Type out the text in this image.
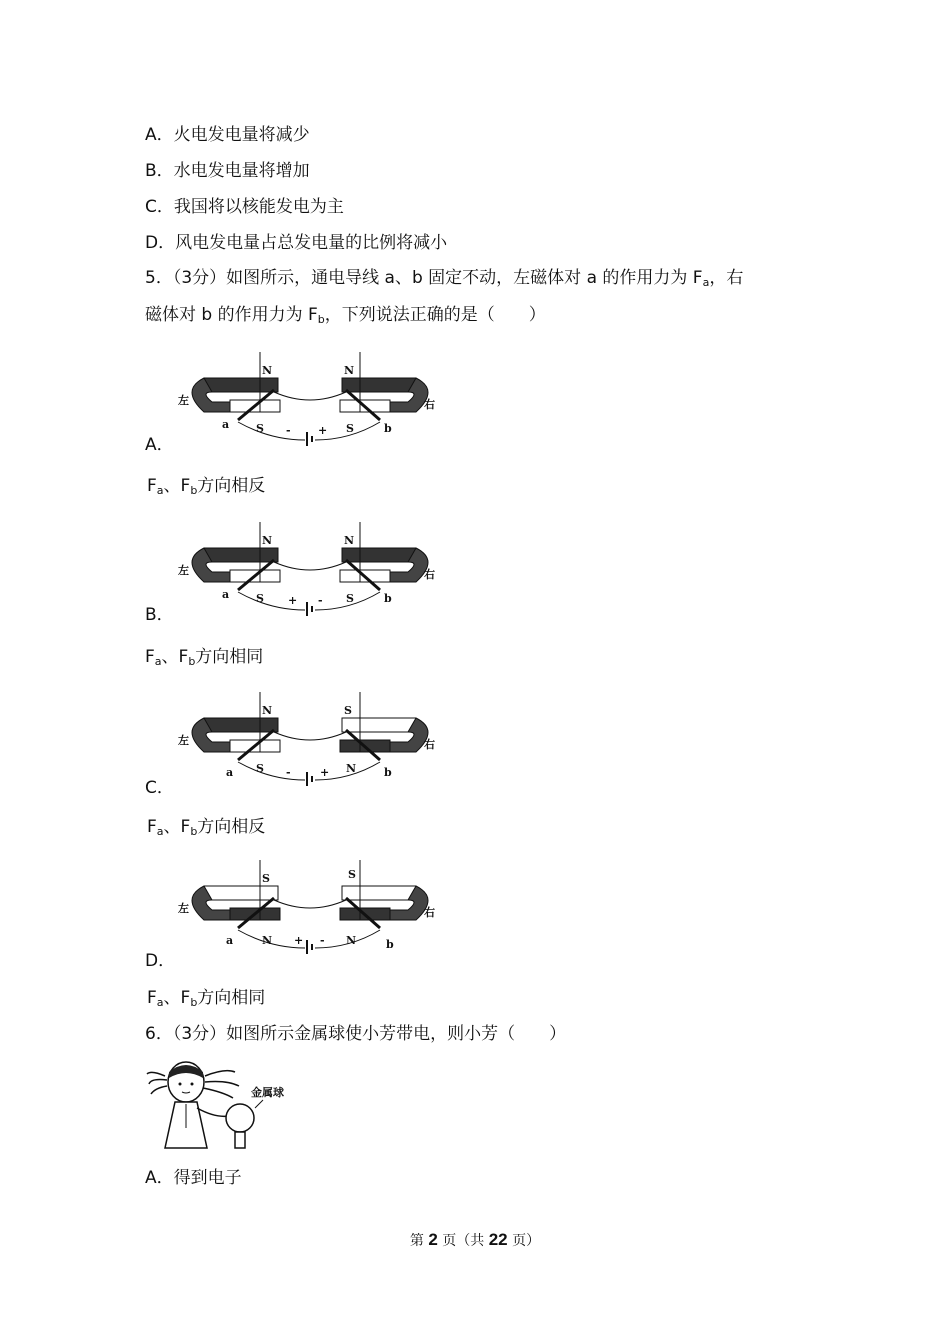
A．火电发电量将减少
B．水电发电量将增加
C．我国将以核能发电为主
D．风电发电量占总发电量的比例将减小
5．（3分）如图所示，通电导线 a、b 固定不动，左磁体对 a 的作用力为 $F_a$，右
磁体对 b 的作用力为 $F_b$，下列说法正确的是（　　）
左	右
N	N
S	S
a	b
- +
A．
$F_a$、$F_b$方向相反
左	右
N	N
S	S
a	b
+ -
B．
$F_a$、$F_b$方向相同
左	右
N	S
S	N
a	b
-	+
C．
$F_a$、$F_b$方向相反
左	右
S	S
N	N
a	b
+ -
D．
$F_a$、$F_b$方向相同
6．（3分）如图所示金属球使小芳带电，则小芳（　　）
金属球
A．得到电子
第 2 页（共 22 页）
